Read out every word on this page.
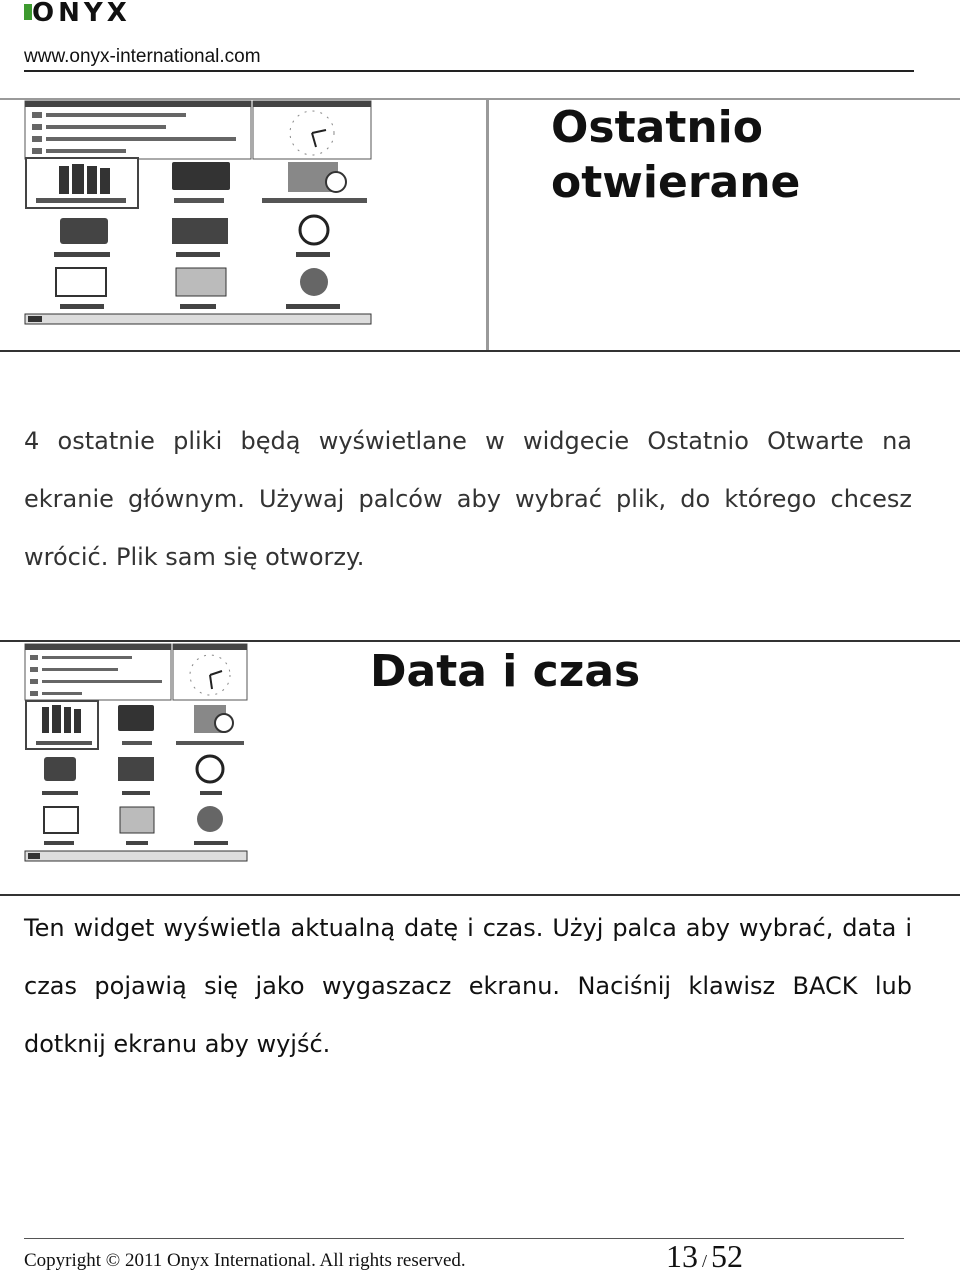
ONYX
www.onyx-international.com
Ostatnio otwierane
4 ostatnie pliki będą wyświetlane w widgecie Ostatnio Otwarte na ekranie głównym. Używaj palców aby wybrać plik, do którego chcesz wrócić. Plik sam się otworzy.
Data i czas
Ten widget wyświetla aktualną datę i czas. Użyj palca aby wybrać, data i czas pojawią się jako wygaszacz ekranu. Naciśnij klawisz BACK lub dotknij ekranu aby wyjść.
Copyright © 2011 Onyx International. All rights reserved.	13 / 52
